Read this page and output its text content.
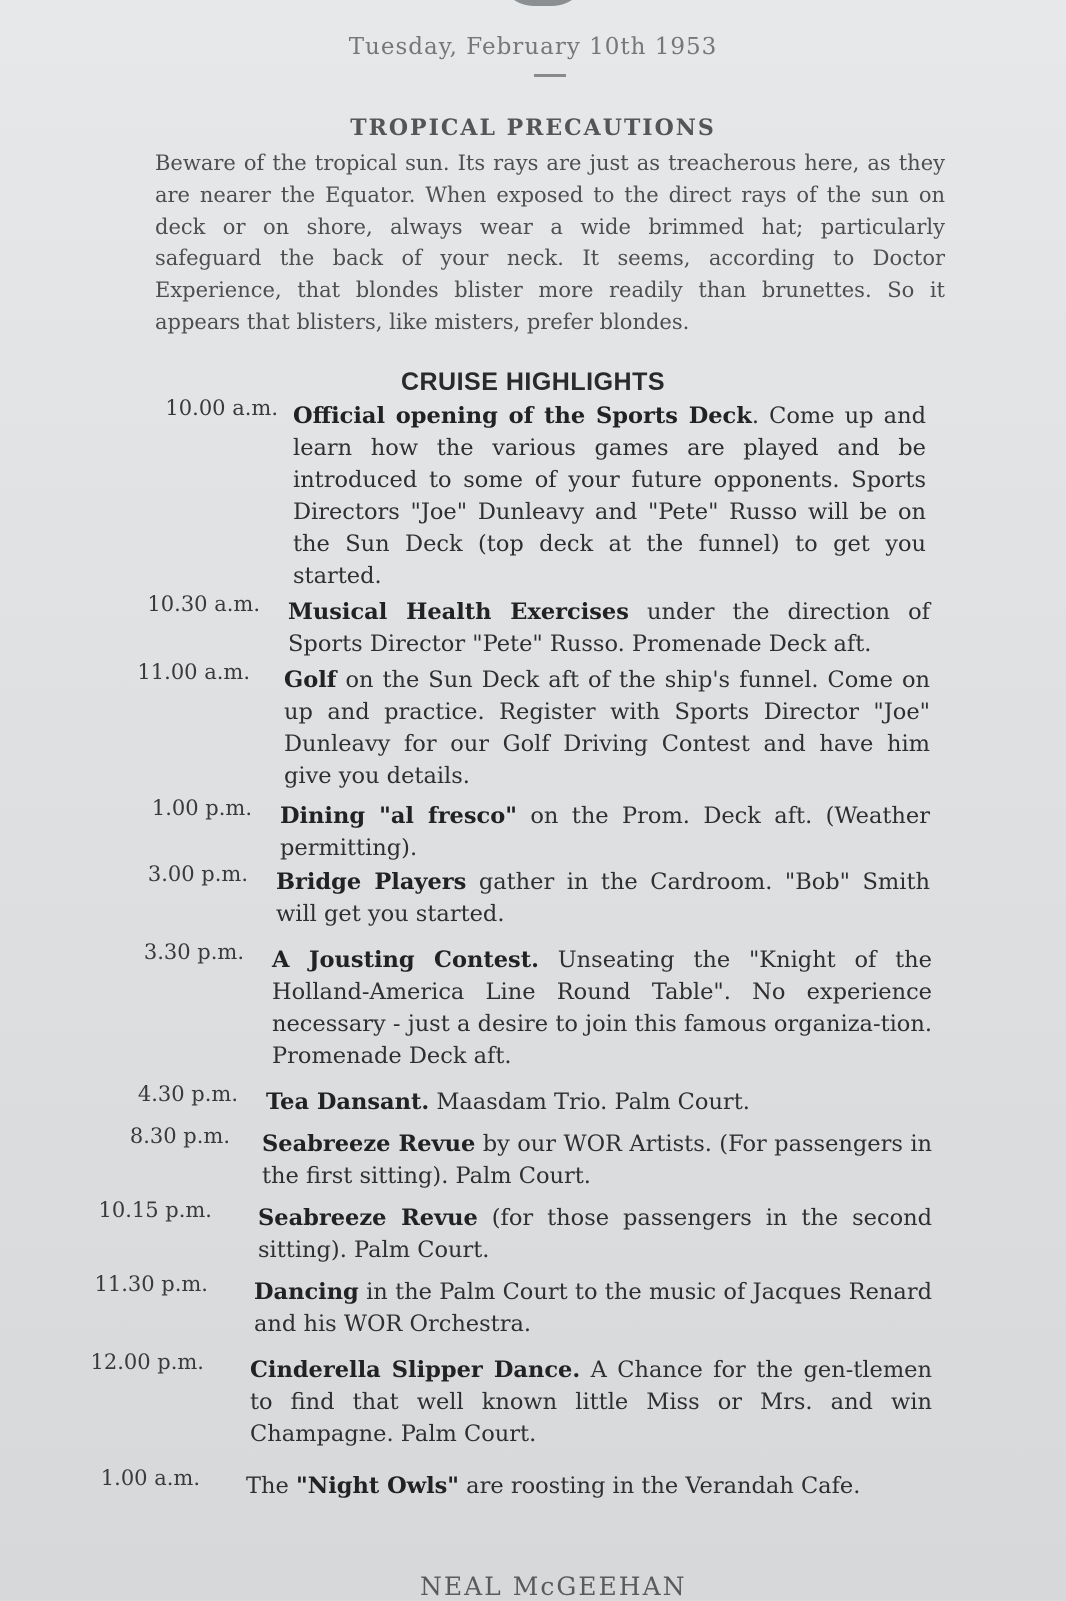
Tuesday, February 10th 1953
TROPICAL PRECAUTIONS
Beware of the tropical sun. Its rays are just as treacherous here, as they are nearer the Equator. When exposed to the direct rays of the sun on deck or on shore, always wear a wide brimmed hat; particularly safeguard the back of your neck. It seems, according to Doctor Experience, that blondes blister more readily than brunettes. So it appears that blisters, like misters, prefer blondes.
CRUISE HIGHLIGHTS
10.00 a.m. Official opening of the Sports Deck. Come up and learn how the various games are played and be introduced to some of your future opponents. Sports Directors "Joe" Dunleavy and "Pete" Russo will be on the Sun Deck (top deck at the funnel) to get you started.
10.30 a.m. Musical Health Exercises under the direction of Sports Director "Pete" Russo. Promenade Deck aft.
11.00 a.m. Golf on the Sun Deck aft of the ship's funnel. Come on up and practice. Register with Sports Director "Joe" Dunleavy for our Golf Driving Contest and have him give you details.
1.00 p.m. Dining "al fresco" on the Prom. Deck aft. (Weather permitting).
3.00 p.m. Bridge Players gather in the Cardroom. "Bob" Smith will get you started.
3.30 p.m. A Jousting Contest. Unseating the "Knight of the Holland-America Line Round Table". No experience necessary - just a desire to join this famous organiza-tion. Promenade Deck aft.
4.30 p.m. Tea Dansant. Maasdam Trio. Palm Court.
8.30 p.m. Seabreeze Revue by our WOR Artists. (For passengers in the first sitting). Palm Court.
10.15 p.m. Seabreeze Revue (for those passengers in the second sitting). Palm Court.
11.30 p.m. Dancing in the Palm Court to the music of Jacques Renard and his WOR Orchestra.
12.00 p.m. Cinderella Slipper Dance. A Chance for the gen-tlemen to find that well known little Miss or Mrs. and win Champagne. Palm Court.
1.00 a.m. The "Night Owls" are roosting in the Verandah Cafe.
NEAL McGEEHAN
